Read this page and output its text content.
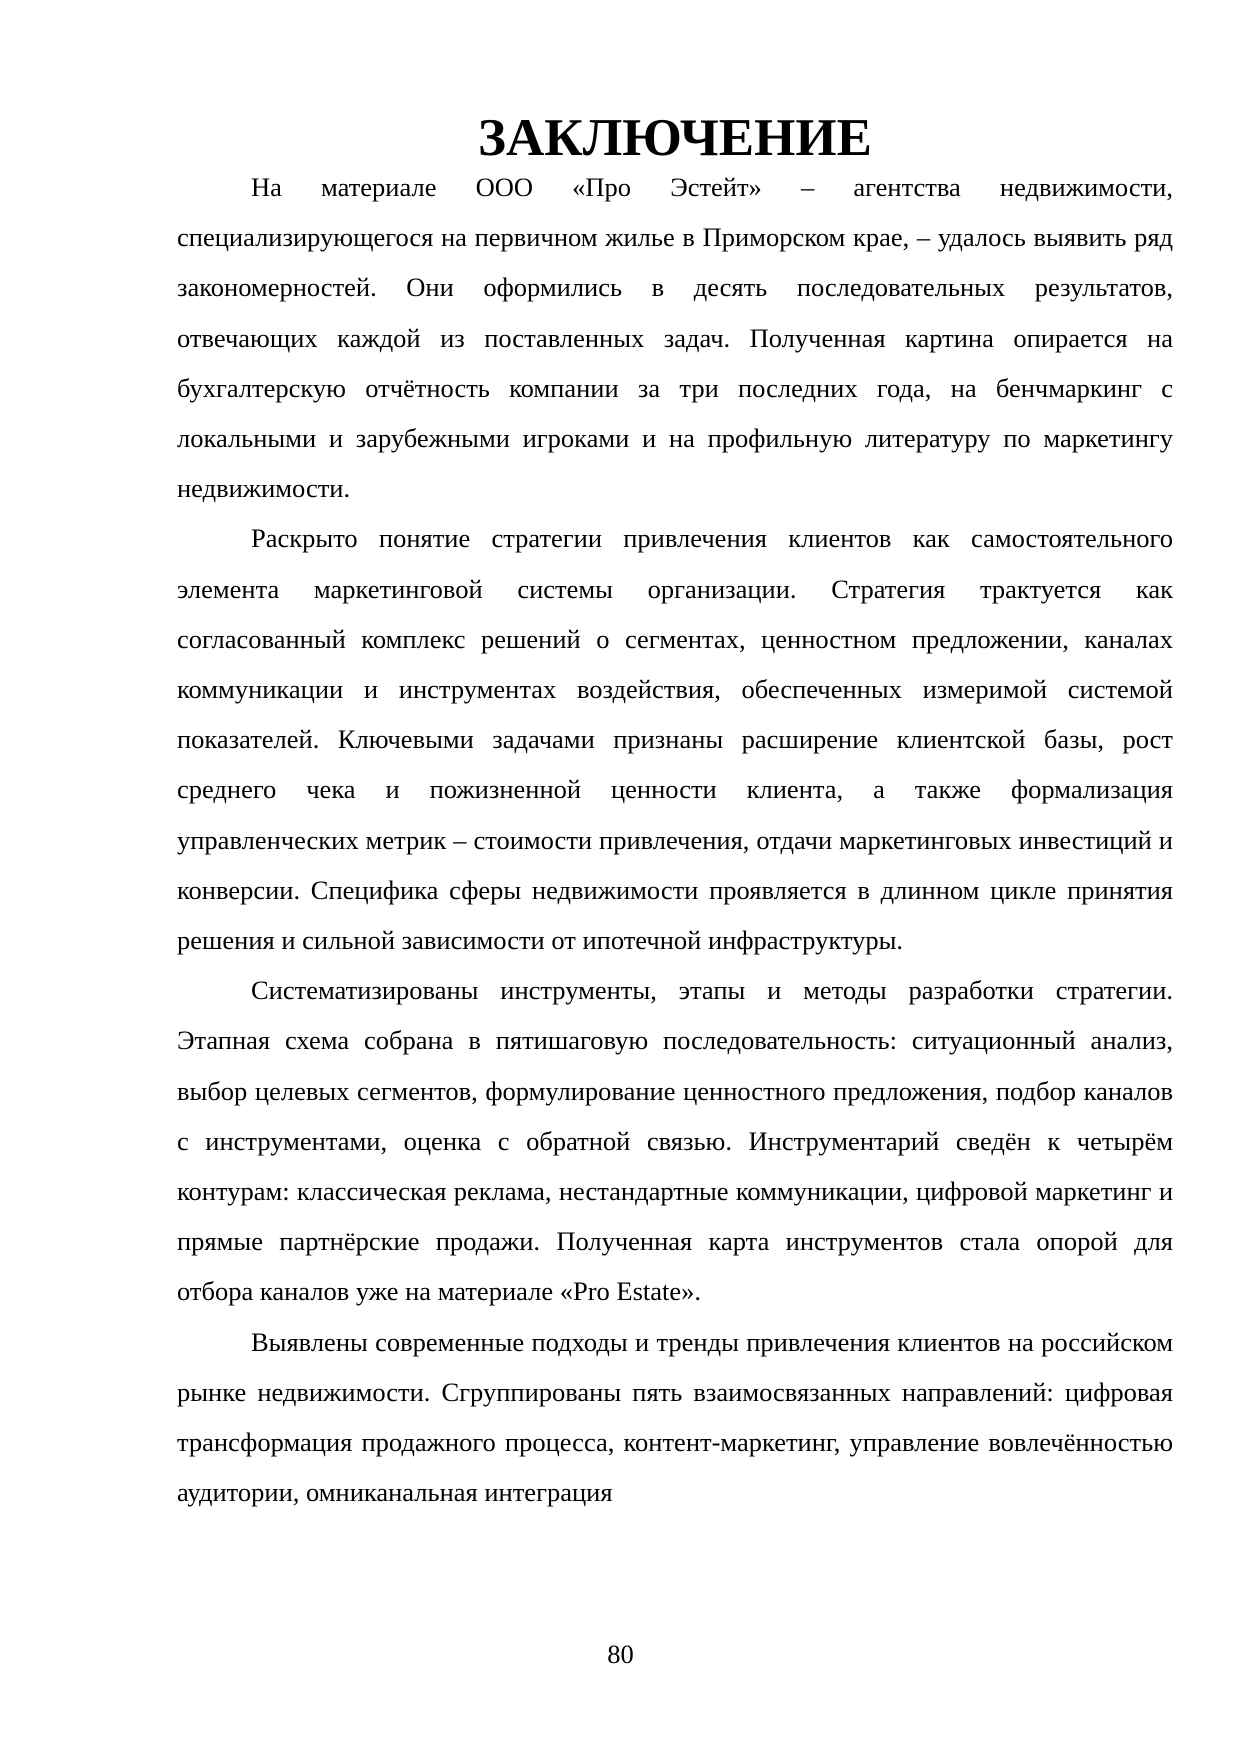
ЗАКЛЮЧЕНИЕ

На материале ООО «Про Эстейт» – агентства недвижимости, специализирующегося на первичном жилье в Приморском крае, – удалось выявить ряд закономерностей. Они оформились в десять последовательных результатов, отвечающих каждой из поставленных задач. Полученная картина опирается на бухгалтерскую отчётность компании за три последних года, на бенчмаркинг с локальными и зарубежными игроками и на профильную литературу по маркетингу недвижимости.

Раскрыто понятие стратегии привлечения клиентов как самостоятельного элемента маркетинговой системы организации. Стратегия трактуется как согласованный комплекс решений о сегментах, ценностном предложении, каналах коммуникации и инструментах воздействия, обеспеченных измеримой системой показателей. Ключевыми задачами признаны расширение клиентской базы, рост среднего чека и пожизненной ценности клиента, а также формализация управленческих метрик – стоимости привлечения, отдачи маркетинговых инвестиций и конверсии. Специфика сферы недвижимости проявляется в длинном цикле принятия решения и сильной зависимости от ипотечной инфраструктуры.

Систематизированы инструменты, этапы и методы разработки стратегии. Этапная схема собрана в пятишаговую последовательность: ситуационный анализ, выбор целевых сегментов, формулирование ценностного предложения, подбор каналов с инструментами, оценка с обратной связью. Инструментарий сведён к четырём контурам: классическая реклама, нестандартные коммуникации, цифровой маркетинг и прямые партнёрские продажи. Полученная карта инструментов стала опорой для отбора каналов уже на материале «Pro Estate».

Выявлены современные подходы и тренды привлечения клиентов на российском рынке недвижимости. Сгруппированы пять взаимосвязанных направлений: цифровая трансформация продажного процесса, контент-маркетинг, управление вовлечённостью аудитории, омниканальная интеграция

80
